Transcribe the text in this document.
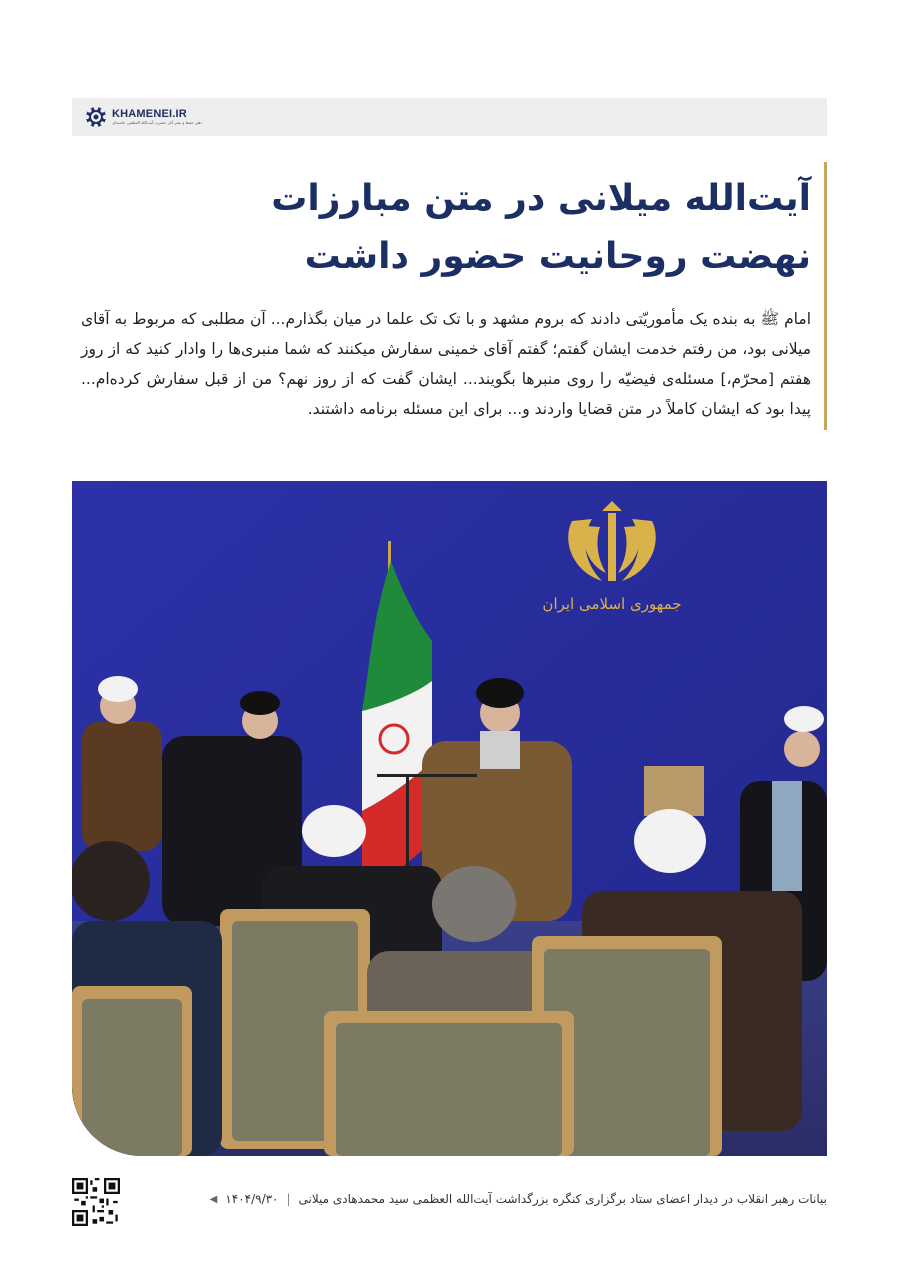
KHAMENEI.IR
دفتر حفظ و نشر آثار حضرت آیت‌الله العظمی خامنه‌ای
آیت‌الله میلانی در متن مبارزات
نهضت روحانیت حضور داشت

امام ﷺ به بنده یک مأموریّتی دادند که بروم مشهد و با تک تک علما در میان بگذارم... آن مطلبی که مربوط به آقای میلانی بود، من رفتم خدمت ایشان گفتم؛ گفتم آقای خمینی سفارش میکنند که شما منبری‌ها را وادار کنید که از روز هفتم [محرّم،] مسئله‌ی فیضیّه را روی منبرها بگویند... ایشان گفت که از روز نهم؟ من از قبل سفارش کرده‌ام... پیدا بود که ایشان کاملاً در متن قضایا واردند و... برای این مسئله برنامه داشتند.

جمهوری اسلامی ایران
بیانات رهبر انقلاب در دیدار اعضای ستاد برگزاری کنگره بزرگداشت آیت‌الله العظمی سید محمدهادی میلانی
|
۱۴۰۴/۹/۳۰
◀
